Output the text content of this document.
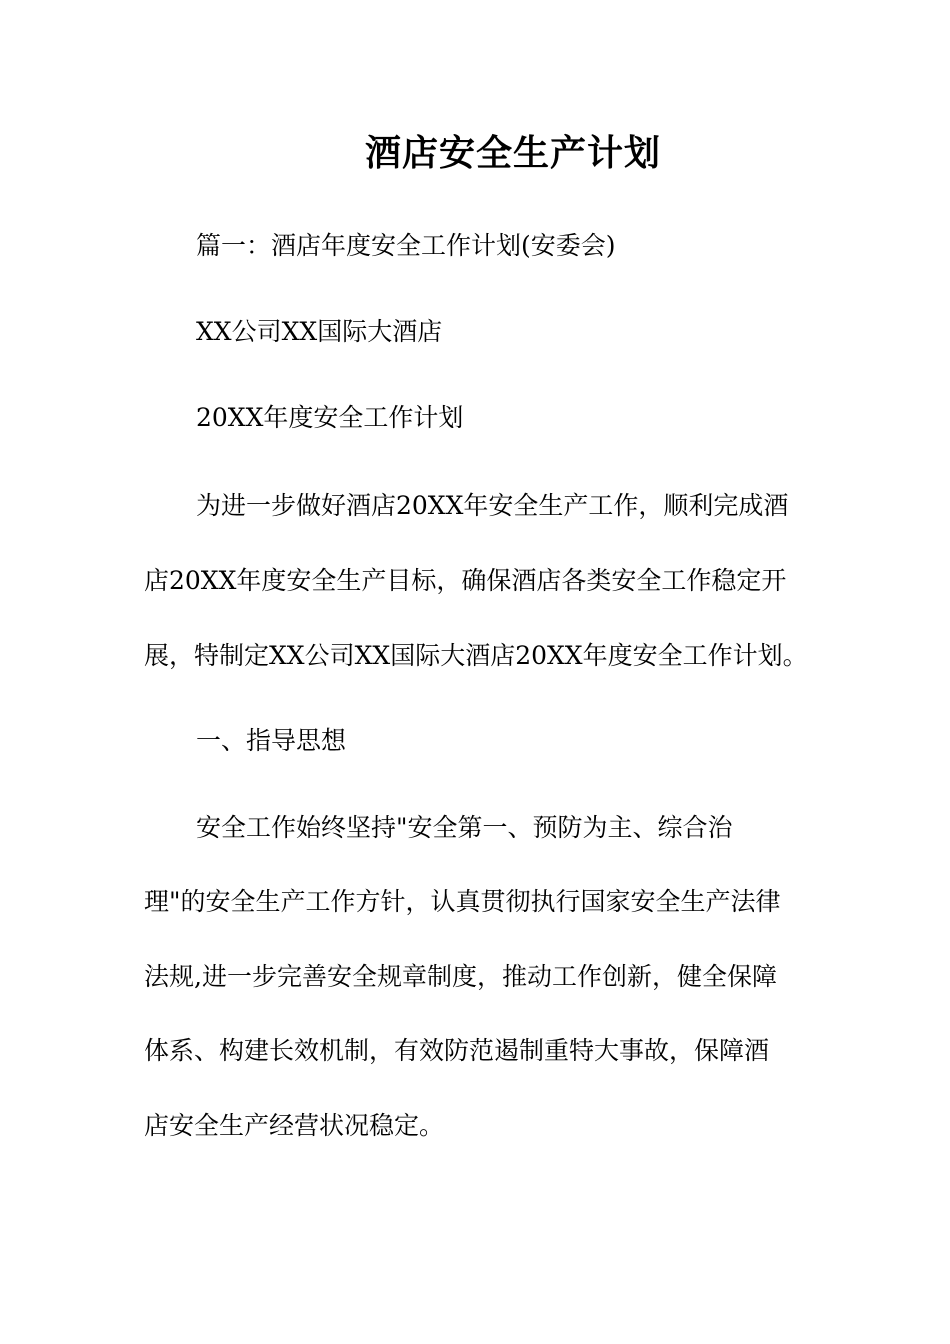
酒店安全生产计划
篇一：酒店年度安全工作计划(安委会)
XX公司XX国际大酒店
20XX年度安全工作计划
为进一步做好酒店20XX年安全生产工作，顺利完成酒
店20XX年度安全生产目标，确保酒店各类安全工作稳定开
展，特制定XX公司XX国际大酒店20XX年度安全工作计划。
一、指导思想
安全工作始终坚持"安全第一、预防为主、综合治
理"的安全生产工作方针，认真贯彻执行国家安全生产法律
法规,进一步完善安全规章制度，推动工作创新，健全保障
体系、构建长效机制，有效防范遏制重特大事故，保障酒
店安全生产经营状况稳定。
